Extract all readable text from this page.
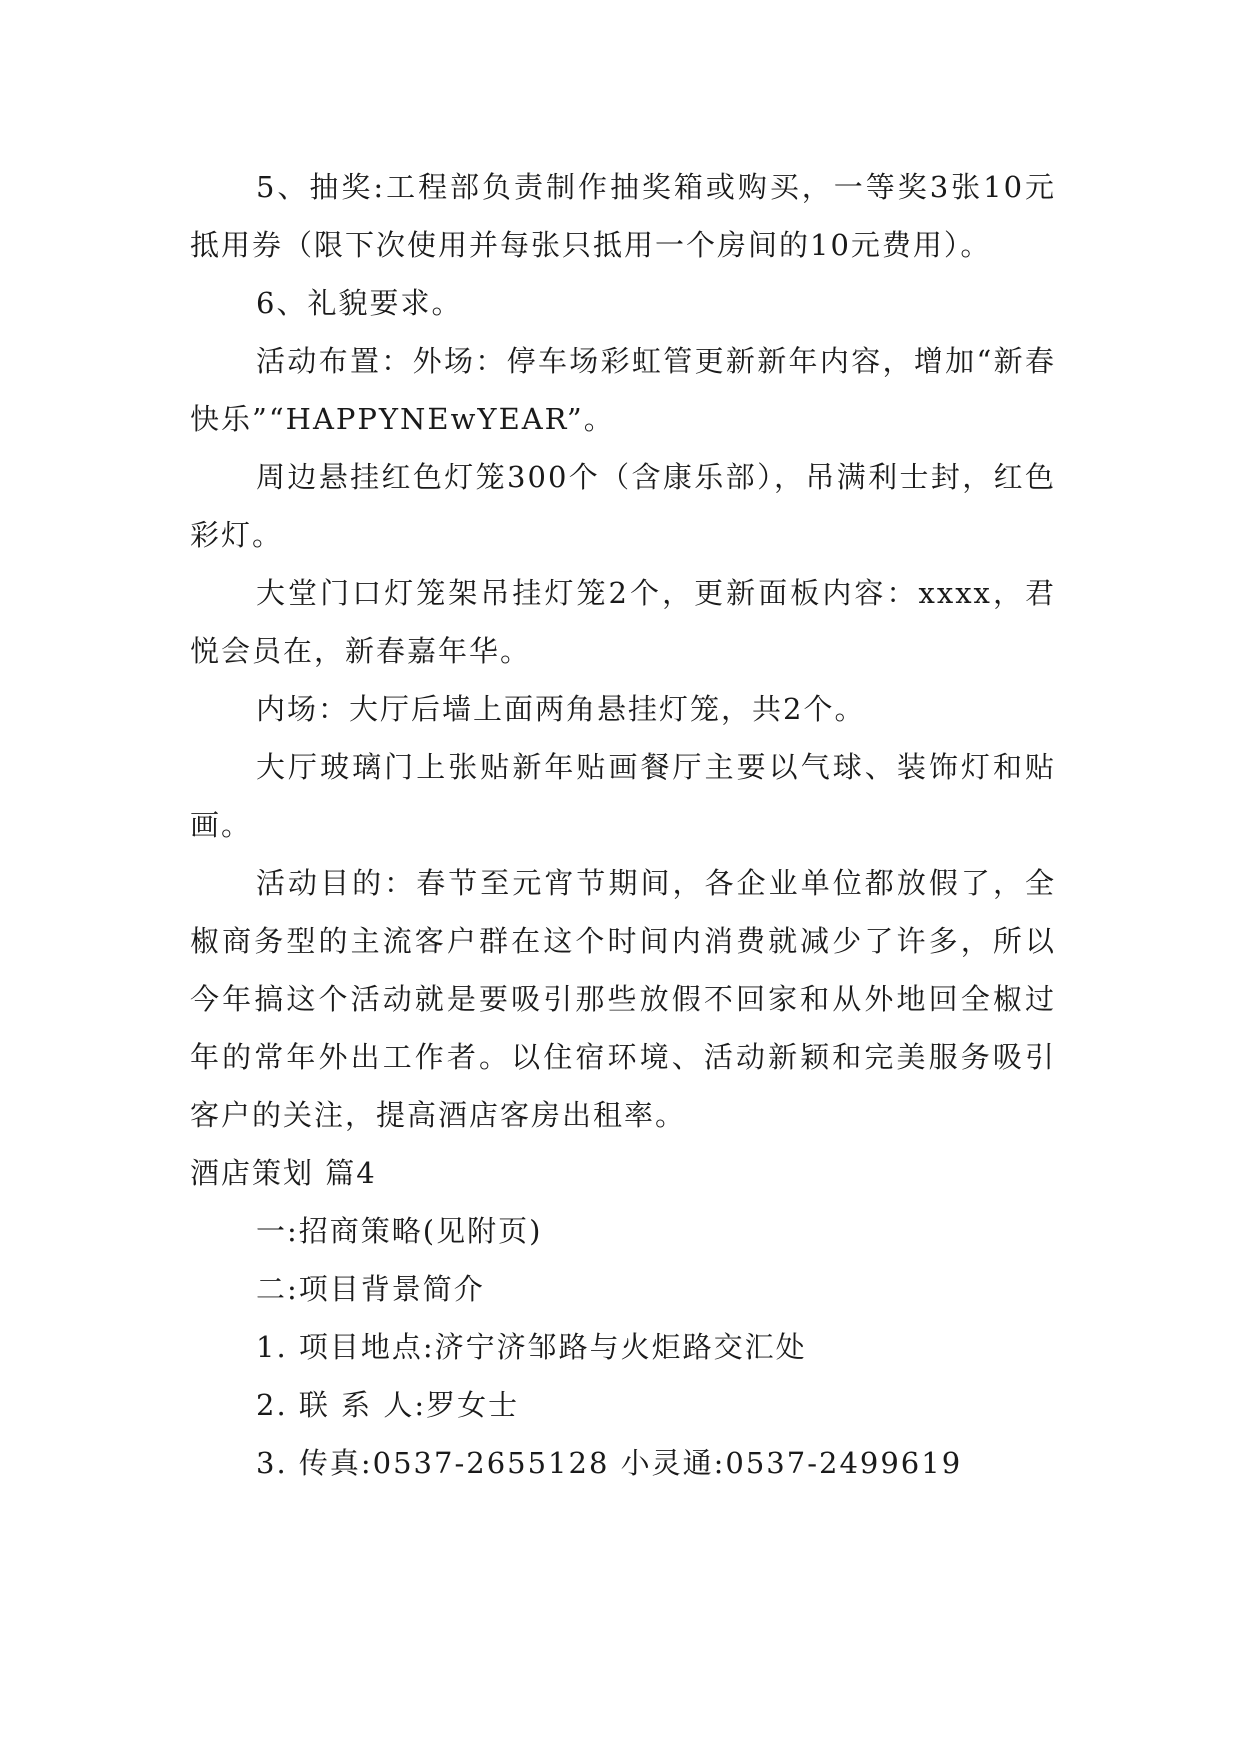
5、抽奖:工程部负责制作抽奖箱或购买，一等奖3张10元抵用券（限下次使用并每张只抵用一个房间的10元费用）。

6、礼貌要求。

活动布置：外场：停车场彩虹管更新新年内容，增加“新春快乐”“HAPPYNEwYEAR”。

周边悬挂红色灯笼300个（含康乐部），吊满利士封，红色彩灯。

大堂门口灯笼架吊挂灯笼2个，更新面板内容：xxxx，君悦会员在，新春嘉年华。

内场：大厅后墙上面两角悬挂灯笼，共2个。

大厅玻璃门上张贴新年贴画餐厅主要以气球、装饰灯和贴画。

活动目的：春节至元宵节期间，各企业单位都放假了，全椒商务型的主流客户群在这个时间内消费就减少了许多，所以今年搞这个活动就是要吸引那些放假不回家和从外地回全椒过年的常年外出工作者。以住宿环境、活动新颖和完美服务吸引客户的关注，提高酒店客房出租率。

酒店策划 篇4

一:招商策略(见附页)

二:项目背景简介

1. 项目地点:济宁济邹路与火炬路交汇处

2. 联 系 人:罗女士

3. 传真:0537-2655128 小灵通:0537-2499619
